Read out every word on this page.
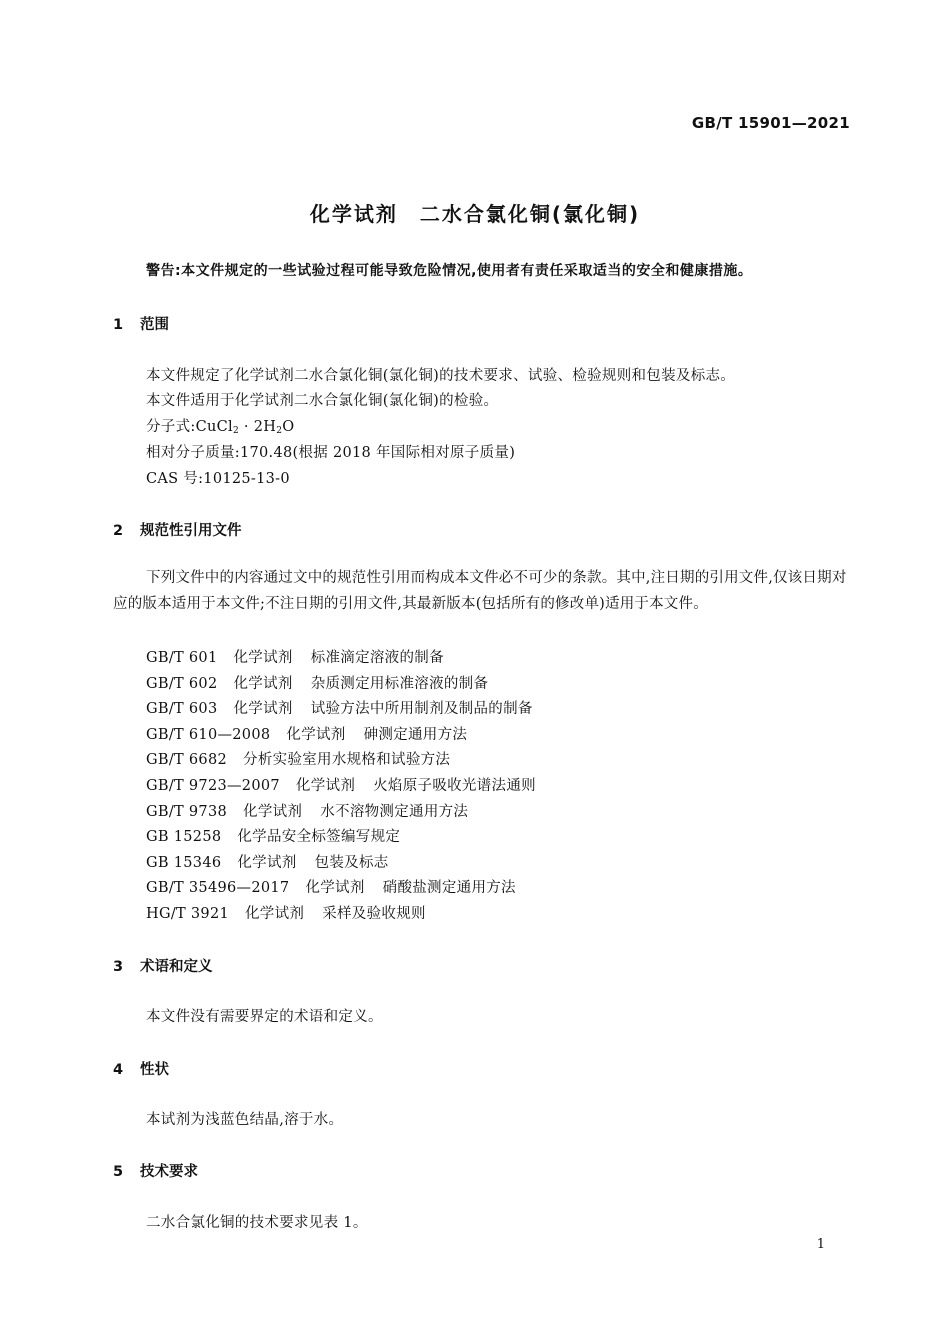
GB/T 15901—2021
化学试剂　二水合氯化铜(氯化铜)
警告:本文件规定的一些试验过程可能导致危险情况,使用者有责任采取适当的安全和健康措施。
1 范围
本文件规定了化学试剂二水合氯化铜(氯化铜)的技术要求、试验、检验规则和包装及标志。
本文件适用于化学试剂二水合氯化铜(氯化铜)的检验。
分子式:CuCl$_2$ · $2H_2O$
相对分子质量:170.48(根据 2018 年国际相对原子质量)
CAS 号:10125-13-0
2 规范性引用文件
下列文件中的内容通过文中的规范性引用而构成本文件必不可少的条款。其中,注日期的引用文件,仅该日期对应的版本适用于本文件;不注日期的引用文件,其最新版本(包括所有的修改单)适用于本文件。
GB/T 601 化学试剂 标准滴定溶液的制备
GB/T 602 化学试剂 杂质测定用标准溶液的制备
GB/T 603 化学试剂 试验方法中所用制剂及制品的制备
GB/T 610—2008 化学试剂 砷测定通用方法
GB/T 6682 分析实验室用水规格和试验方法
GB/T 9723—2007 化学试剂 火焰原子吸收光谱法通则
GB/T 9738 化学试剂 水不溶物测定通用方法
GB 15258 化学品安全标签编写规定
GB 15346 化学试剂 包装及标志
GB/T 35496—2017 化学试剂 硝酸盐测定通用方法
HG/T 3921 化学试剂 采样及验收规则
3 术语和定义
本文件没有需要界定的术语和定义。
4 性状
本试剂为浅蓝色结晶,溶于水。
5 技术要求
二水合氯化铜的技术要求见表 1。
1
